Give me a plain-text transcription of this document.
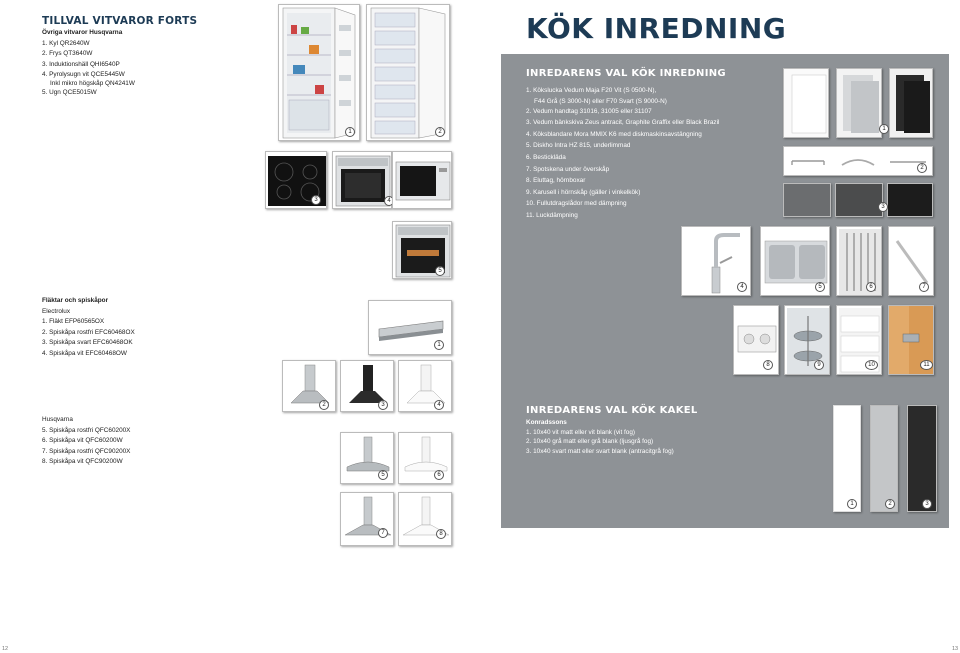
TILLVAL VITVAROR FORTS
Övriga vitvaror Husqvarna
1. Kyl QR2640W
2. Frys QT3640W
3. Induktionshäll QHI6540P
4. Pyrolysugn vit QCE5445W
Inkl mikro högskåp QN4241W
5. Ugn QCE5015W
Fläktar och spiskåpor
Electrolux
1. Fläkt EFP60565OX
2. Spiskåpa rostfri EFC60468OX
3. Spiskåpa svart EFC60468OK
4. Spiskåpa vit EFC60468OW
Husqvarna
5. Spiskåpa rostfri QFC60200X
6. Spiskåpa vit QFC60200W
7. Spiskåpa rostfri QFC90200X
8. Spiskåpa vit QFC90200W
1	2
3	4
5
1
2	3	4
5	6
7	8
12
KÖK INREDNING
INREDARENS VAL KÖK INREDNING
1. Kökslucka Vedum Maja F20 Vit (S 0500-N),
F44 Grå (S 3000-N) eller F70 Svart (S 9000-N)
2. Vedum handtag 31016, 31005 eller 31107
3. Vedum bänkskiva Zeus antracit, Graphite Graffix eller Black Brazil
4. Köksblandare Mora MMIX K6 med diskmaskinsavstängning
5. Diskho Intra HZ 815, underlimmad
6. Bestickläda
7. Spotskena under överskåp
8. Eluttag, hörnboxar
9. Karusell i hörnskåp (gäller i vinkelkök)
10. Fullutdragslådor med dämpning
11. Luckdämpning
1
2
3
4	5	6	7
8	9	10	11
INREDARENS VAL KÖK KAKEL
Konradssons
1. 10x40 vit matt eller vit blank (vit fog)
2. 10x40 grå matt eller grå blank (ljusgrå fog)
3. 10x40 svart matt eller svart blank (antracitgrå fog)
1	2	3
13
